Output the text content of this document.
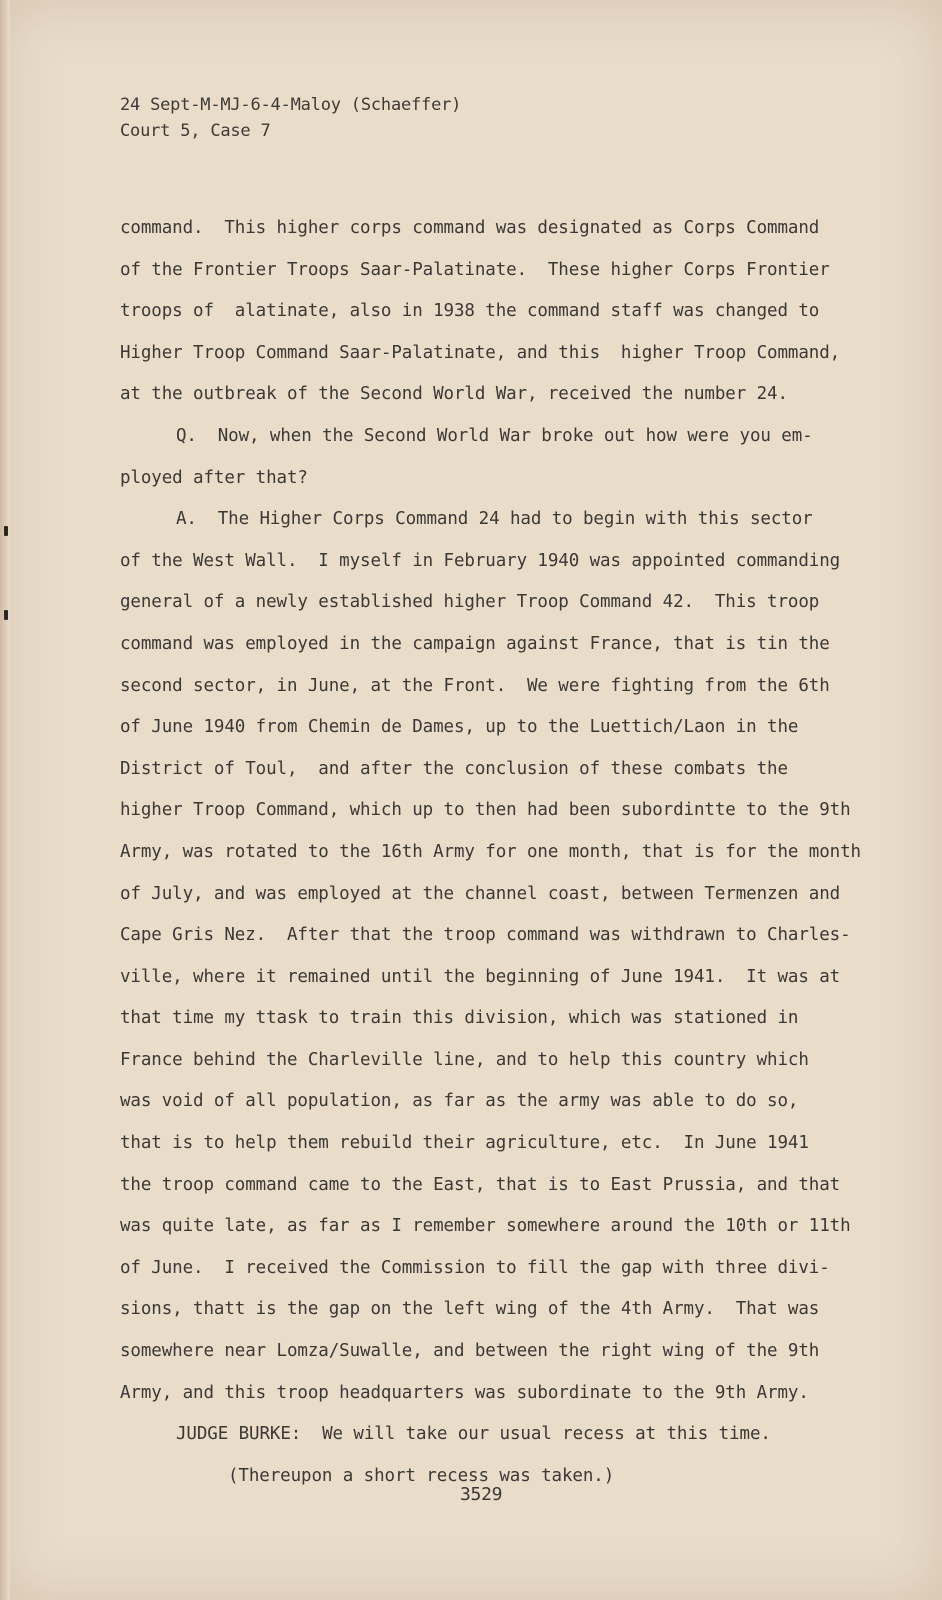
24 Sept-M-MJ-6-4-Maloy (Schaeffer)
Court 5, Case 7
command.  This higher corps command was designated as Corps Command
of the Frontier Troops Saar-Palatinate.  These higher Corps Frontier
troops of  alatinate, also in 1938 the command staff was changed to
Higher Troop Command Saar-Palatinate, and this  higher Troop Command,
at the outbreak of the Second World War, received the number 24.
Q.  Now, when the Second World War broke out how were you em-
ployed after that?
A.  The Higher Corps Command 24 had to begin with this sector
of the West Wall.  I myself in February 1940 was appointed commanding
general of a newly established higher Troop Command 42.  This troop
command was employed in the campaign against France, that is tin the
second sector, in June, at the Front.  We were fighting from the 6th
of June 1940 from Chemin de Dames, up to the Luettich/Laon in the
District of Toul,  and after the conclusion of these combats the
higher Troop Command, which up to then had been subordintte to the 9th
Army, was rotated to the 16th Army for one month, that is for the month
of July, and was employed at the channel coast, between Termenzen and
Cape Gris Nez.  After that the troop command was withdrawn to Charles-
ville, where it remained until the beginning of June 1941.  It was at
that time my ttask to train this division, which was stationed in
France behind the Charleville line, and to help this country which
was void of all population, as far as the army was able to do so,
that is to help them rebuild their agriculture, etc.  In June 1941
the troop command came to the East, that is to East Prussia, and that
was quite late, as far as I remember somewhere around the 10th or 11th
of June.  I received the Commission to fill the gap with three divi-
sions, thatt is the gap on the left wing of the 4th Army.  That was
somewhere near Lomza/Suwalle, and between the right wing of the 9th
Army, and this troop headquarters was subordinate to the 9th Army.
JUDGE BURKE:  We will take our usual recess at this time.
(Thereupon a short recess was taken.)
3529
